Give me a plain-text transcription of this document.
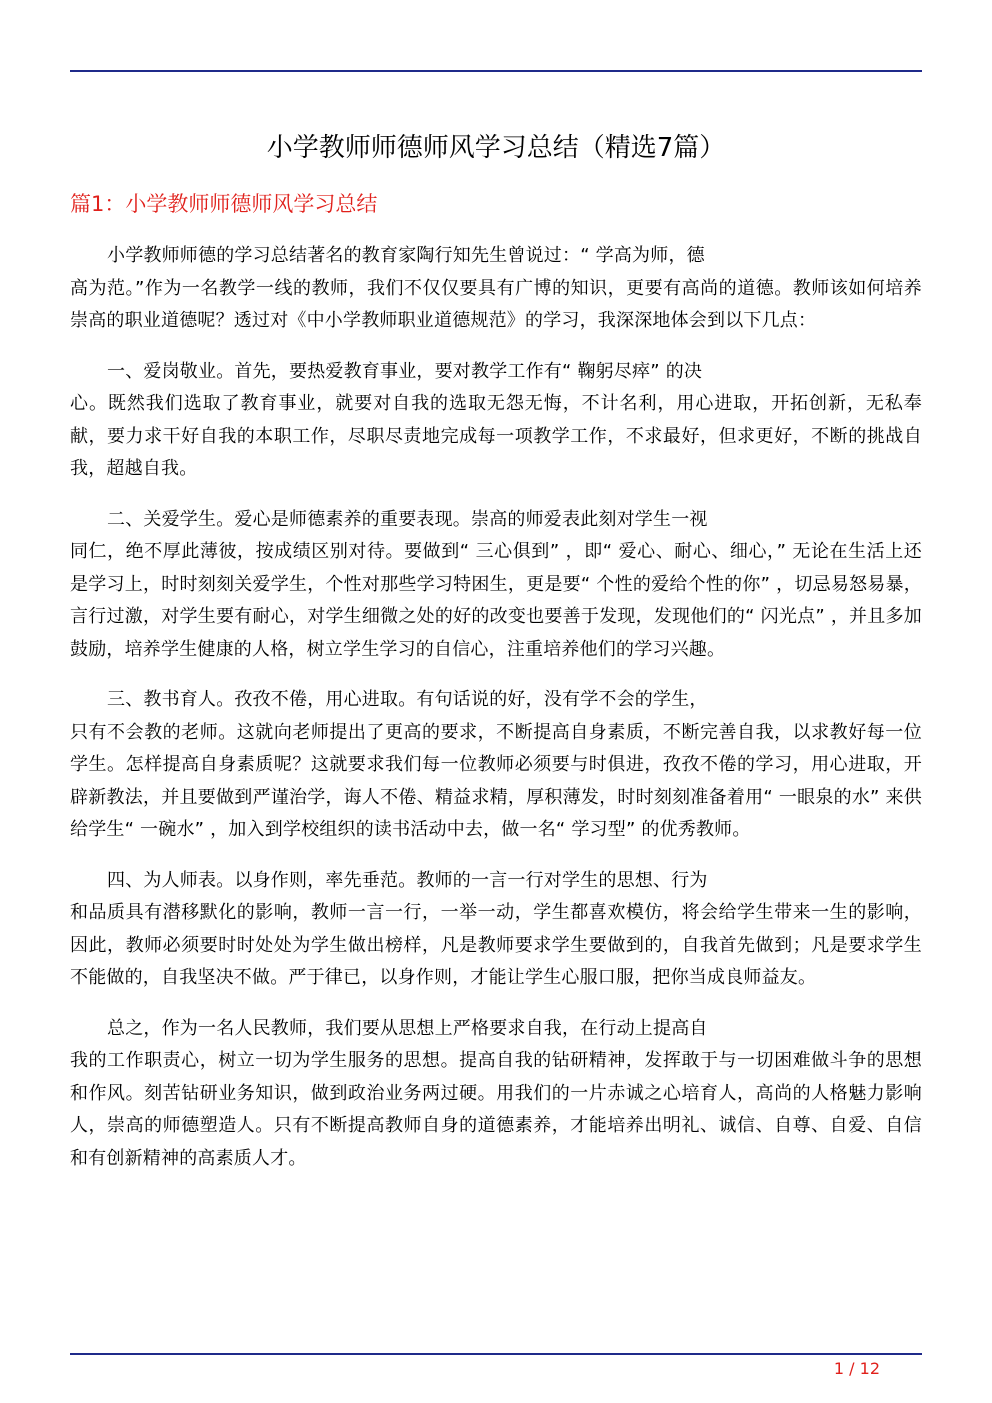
小学教师师德师风学习总结（精选7篇）
篇1：小学教师师德师风学习总结

小学教师师德的学习总结著名的教育家陶行知先生曾说过：“ 学高为师，德
高为范。”作为一名教学一线的教师，我们不仅仅要具有广博的知识，更要有高尚的道德。教师该如何培养崇高的职业道德呢？透过对《中小学教师职业道德规范》的学习，我深深地体会到以下几点：

一、爱岗敬业。首先，要热爱教育事业，要对教学工作有“ 鞠躬尽瘁” 的决
心。既然我们选取了教育事业，就要对自我的选取无怨无悔，不计名利，用心进取，开拓创新，无私奉献，要力求干好自我的本职工作，尽职尽责地完成每一项教学工作，不求最好，但求更好，不断的挑战自我，超越自我。

二、关爱学生。爱心是师德素养的重要表现。崇高的师爱表此刻对学生一视
同仁，绝不厚此薄彼，按成绩区别对待。要做到“ 三心俱到” ，即“ 爱心、耐心、细心，” 无论在生活上还是学习上，时时刻刻关爱学生，个性对那些学习特困生，更是要“ 个性的爱给个性的你” ，切忌易怒易暴，言行过激，对学生要有耐心，对学生细微之处的好的改变也要善于发现，发现他们的“ 闪光点” ，并且多加鼓励，培养学生健康的人格，树立学生学习的自信心，注重培养他们的学习兴趣。

三、教书育人。孜孜不倦，用心进取。有句话说的好，没有学不会的学生，
只有不会教的老师。这就向老师提出了更高的要求，不断提高自身素质，不断完善自我，以求教好每一位学生。怎样提高自身素质呢？这就要求我们每一位教师必须要与时俱进，孜孜不倦的学习，用心进取，开辟新教法，并且要做到严谨治学，诲人不倦、精益求精，厚积薄发，时时刻刻准备着用“ 一眼泉的水” 来供给学生“ 一碗水” ，加入到学校组织的读书活动中去，做一名“ 学习型” 的优秀教师。

四、为人师表。以身作则，率先垂范。教师的一言一行对学生的思想、行为
和品质具有潜移默化的影响，教师一言一行，一举一动，学生都喜欢模仿，将会给学生带来一生的影响，因此，教师必须要时时处处为学生做出榜样，凡是教师要求学生要做到的，自我首先做到；凡是要求学生不能做的，自我坚决不做。严于律已，以身作则，才能让学生心服口服，把你当成良师益友。

总之，作为一名人民教师，我们要从思想上严格要求自我，在行动上提高自
我的工作职责心，树立一切为学生服务的思想。提高自我的钻研精神，发挥敢于与一切困难做斗争的思想和作风。刻苦钻研业务知识，做到政治业务两过硬。用我们的一片赤诚之心培育人，高尚的人格魅力影响人，崇高的师德塑造人。只有不断提高教师自身的道德素养，才能培养出明礼、诚信、自尊、自爱、自信和有创新精神的高素质人才。

1 / 12
